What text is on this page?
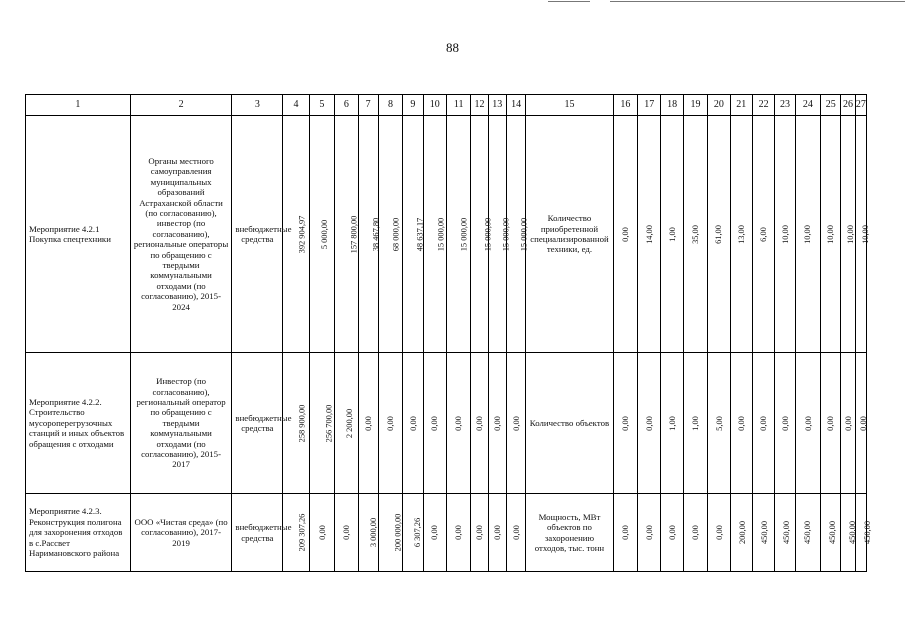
88
1	2	3	4	5	6	7	8	9	10	11	12	13	14	15	16	17	18	19	20	21	22	23	24	25	26	27
Мероприятие 4.2.1 Покупка спецтехники	Органы местного самоуправления муниципальных образований Астраханской области (по согласованию), инвестор (по согласованию), региональные операторы по обращению с твердыми коммунальными отходами (по согласованию), 2015-2024	внебюджетные средства	392 904,97	5 000,00	157 800,00	38 467,80	68 000,00	48 637,17	15 000,00	15 000,00	15 000,00	15 000,00	15 000,00	Количество приобретенной специализированной техники, ед.	0,00	14,00	1,00	35,00	61,00	13,00	6,00	10,00	10,00	10,00	10,00	10,00
Мероприятие 4.2.2. Строительство мусороперегрузочных станций и иных объектов обращения с отходами	Инвестор (по согласованию), региональный оператор по обращению с твердыми коммунальными отходами (по согласованию), 2015-2017	внебюджетные средства	258 900,00	256 700,00	2 200,00	0,00	0,00	0,00	0,00	0,00	0,00	0,00	0,00	Количество объектов	0,00	0,00	1,00	1,00	5,00	0,00	0,00	0,00	0,00	0,00	0,00	0,00
Мероприятие 4.2.3. Реконструкция полигона для захоронения отходов в с.Рассвет Наримановского района	ООО «Чистая среда» (по согласованию), 2017-2019	внебюджетные средства	209 307,26	0,00	0,00	3 000,00	200 000,00	6 307,26	0,00	0,00	0,00	0,00	0,00	Мощность, МВт объектов по захоронению отходов, тыс. тонн	0,00	0,00	0,00	0,00	0,00	200,00	450,00	450,00	450,00	450,00	450,00	450,00
